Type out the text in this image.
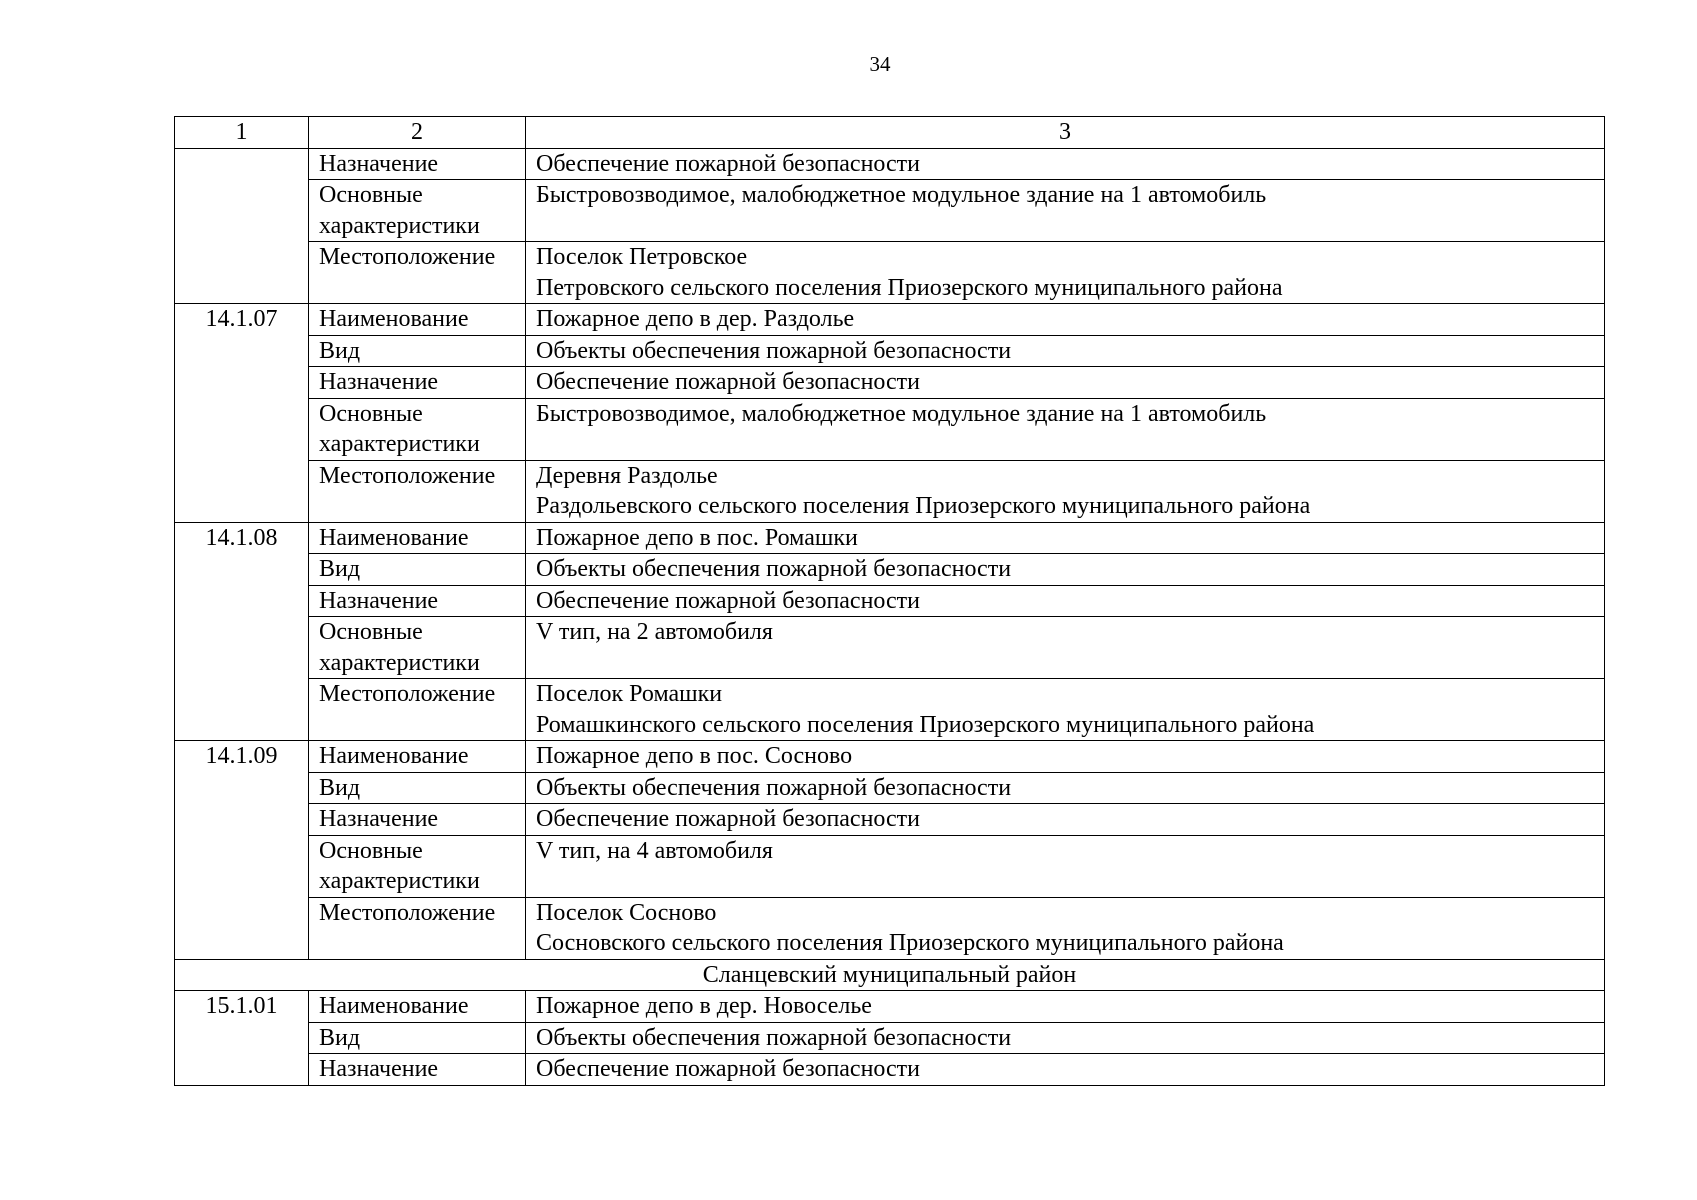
34
1	2	3
	Назначение	Обеспечение пожарной безопасности

	Основные
характеристики	Быстровозводимое, малобюджетное модульное здание на 1 автомобиль

	Местоположение	Поселок Петровское
Петровского сельского поселения Приозерского муниципального района

14.1.07	Наименование	Пожарное депо в дер. Раздолье

	Вид	Объекты обеспечения пожарной безопасности

	Назначение	Обеспечение пожарной безопасности

	Основные
характеристики	Быстровозводимое, малобюджетное модульное здание на 1 автомобиль

	Местоположение	Деревня Раздолье
Раздольевского сельского поселения Приозерского муниципального района

14.1.08	Наименование	Пожарное депо в пос. Ромашки

	Вид	Объекты обеспечения пожарной безопасности

	Назначение	Обеспечение пожарной безопасности

	Основные
характеристики	V тип, на 2 автомобиля

	Местоположение	Поселок Ромашки
Ромашкинского сельского поселения Приозерского муниципального района

14.1.09	Наименование	Пожарное депо в пос. Сосново

	Вид	Объекты обеспечения пожарной безопасности

	Назначение	Обеспечение пожарной безопасности

	Основные
характеристики	V тип, на 4 автомобиля

	Местоположение	Поселок Сосново
Сосновского сельского поселения Приозерского муниципального района

Сланцевский муниципальный район		
15.1.01	Наименование	Пожарное депо в дер. Новоселье

	Вид	Объекты обеспечения пожарной безопасности

	Назначение	Обеспечение пожарной безопасности
